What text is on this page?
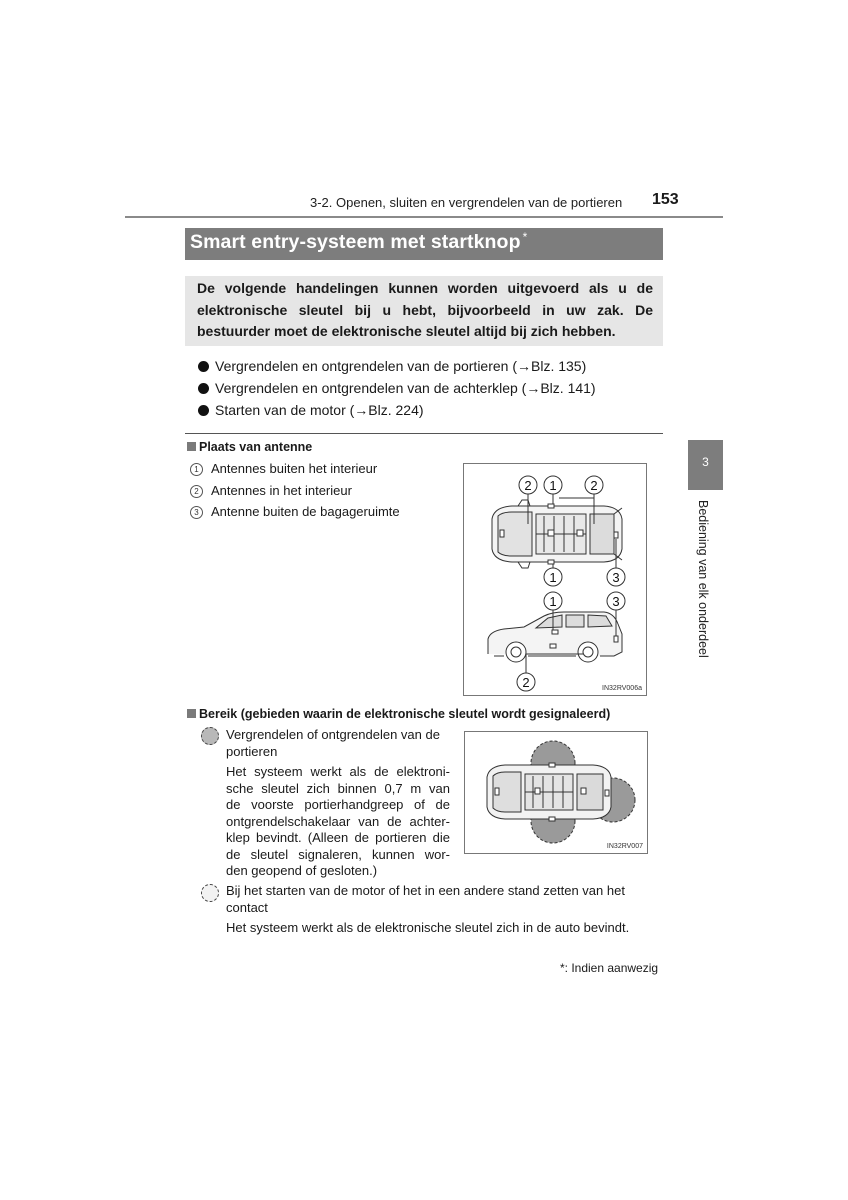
3-2. Openen, sluiten en vergrendelen van de portieren 153
Smart entry-systeem met startknop *
De volgende handelingen kunnen worden uitgevoerd als u de elektronische sleutel bij u hebt, bijvoorbeeld in uw zak. De bestuurder moet de elektronische sleutel altijd bij zich hebben.
Vergrendelen en ontgrendelen van de portieren (→Blz. 135)
Vergrendelen en ontgrendelen van de achterklep (→Blz. 141)
Starten van de motor (→Blz. 224)
Plaats van antenne
1 Antennes buiten het interieur
2 Antennes in het interieur
3 Antenne buiten de bagageruimte
2 1	2
1	3
1	3
2	IN32RV006a
Bereik (gebieden waarin de elektronische sleutel wordt gesignaleerd)
Vergrendelen of ontgrendelen van de
portieren
Het systeem werkt als de elektroni-
sche sleutel zich binnen 0,7 m van
de voorste portierhandgreep of de
ontgrendelschakelaar van de achter-
klep bevindt. (Alleen de portieren die
de sleutel signaleren, kunnen wor-
den geopend of gesloten.)
IN32RV007
Bij het starten van de motor of het in een andere stand zetten van het
contact
Het systeem werkt als de elektronische sleutel zich in de auto bevindt.
3
Bediening van elk onderdeel
*: Indien aanwezig
